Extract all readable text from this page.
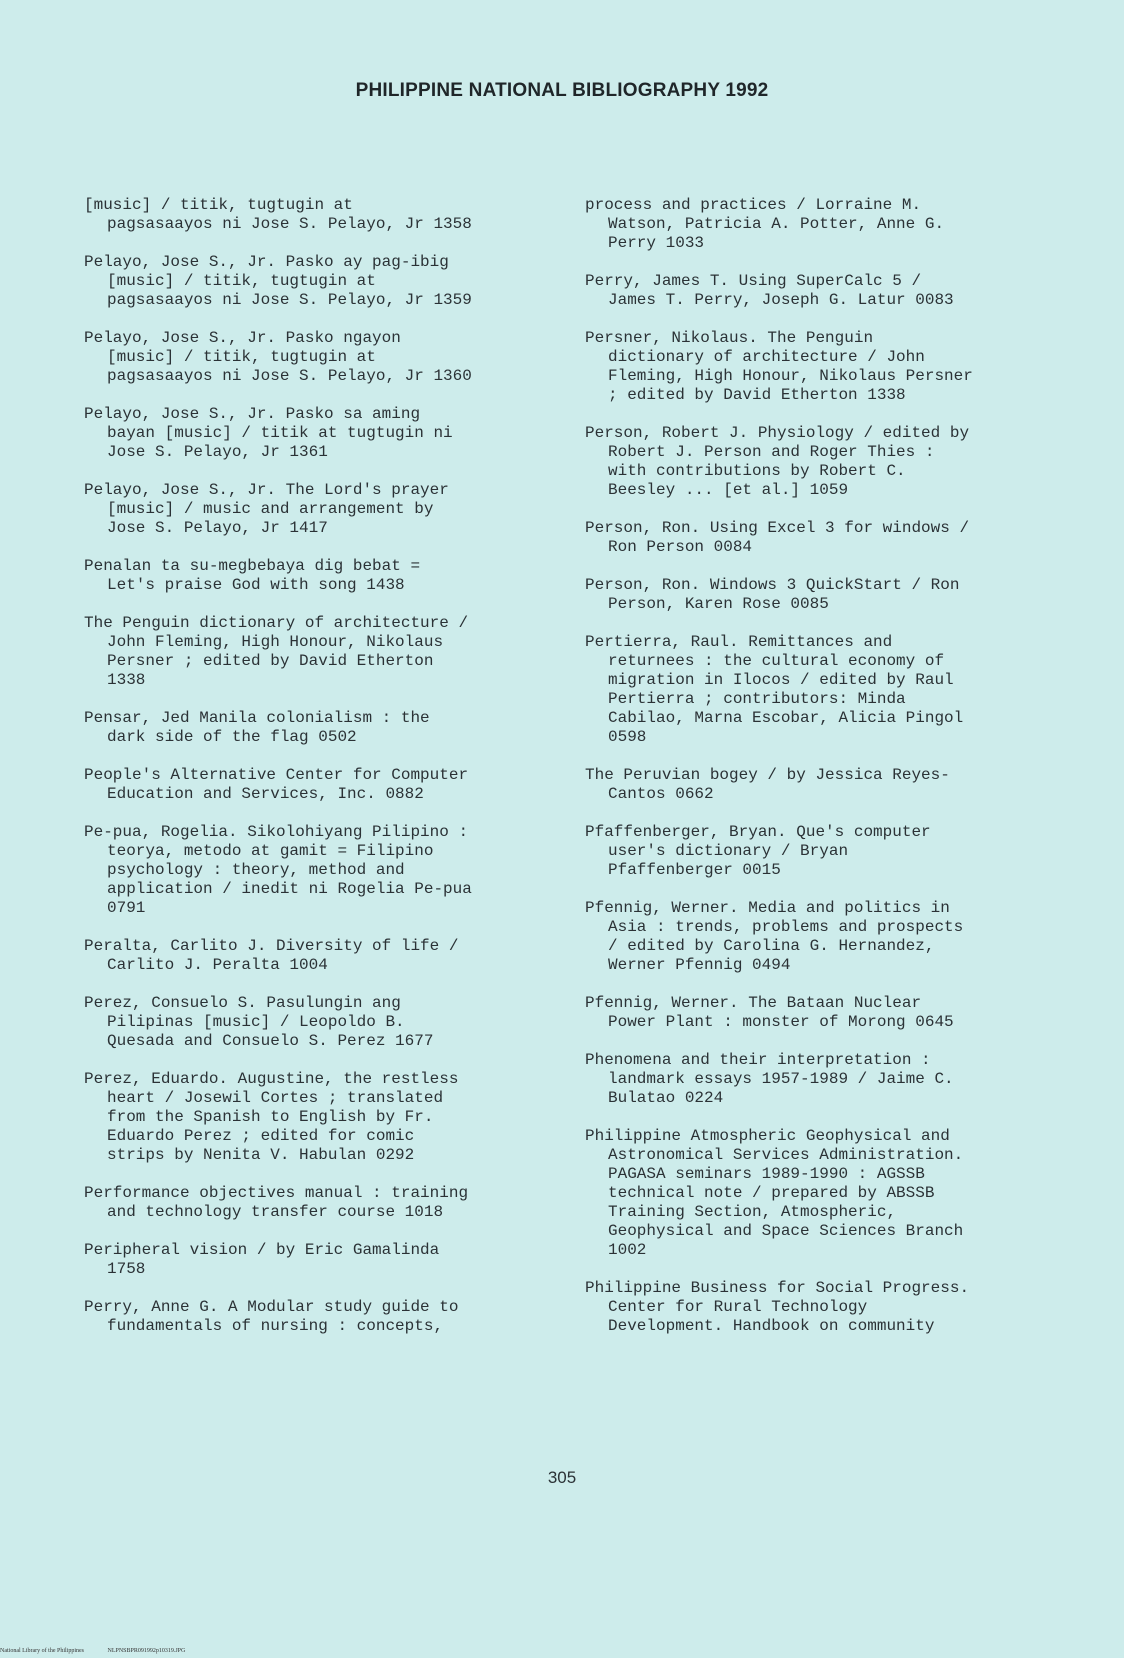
PHILIPPINE NATIONAL BIBLIOGRAPHY 1992
[music] / titik, tugtugin at
pagsasaayos ni Jose S. Pelayo, Jr 1358
Pelayo, Jose S., Jr. Pasko ay pag-ibig
[music] / titik, tugtugin at
pagsasaayos ni Jose S. Pelayo, Jr 1359
Pelayo, Jose S., Jr. Pasko ngayon
[music] / titik, tugtugin at
pagsasaayos ni Jose S. Pelayo, Jr 1360
Pelayo, Jose S., Jr. Pasko sa aming
bayan [music] / titik at tugtugin ni
Jose S. Pelayo, Jr 1361
Pelayo, Jose S., Jr. The Lord's prayer
[music] / music and arrangement by
Jose S. Pelayo, Jr 1417
Penalan ta su-megbebaya dig bebat =
Let's praise God with song 1438
The Penguin dictionary of architecture /
John Fleming, High Honour, Nikolaus
Persner ; edited by David Etherton
1338
Pensar, Jed Manila colonialism : the
dark side of the flag 0502
People's Alternative Center for Computer
Education and Services, Inc. 0882
Pe-pua, Rogelia. Sikolohiyang Pilipino :
teorya, metodo at gamit = Filipino
psychology : theory, method and
application / inedit ni Rogelia Pe-pua
0791
Peralta, Carlito J. Diversity of life /
Carlito J. Peralta 1004
Perez, Consuelo S. Pasulungin ang
Pilipinas [music] / Leopoldo B.
Quesada and Consuelo S. Perez 1677
Perez, Eduardo. Augustine, the restless
heart / Josewil Cortes ; translated
from the Spanish to English by Fr.
Eduardo Perez ; edited for comic
strips by Nenita V. Habulan 0292
Performance objectives manual : training
and technology transfer course 1018
Peripheral vision / by Eric Gamalinda
1758
Perry, Anne G. A Modular study guide to
fundamentals of nursing : concepts,
process and practices / Lorraine M.
Watson, Patricia A. Potter, Anne G.
Perry 1033
Perry, James T. Using SuperCalc 5 /
James T. Perry, Joseph G. Latur 0083
Persner, Nikolaus. The Penguin
dictionary of architecture / John
Fleming, High Honour, Nikolaus Persner
; edited by David Etherton 1338
Person, Robert J. Physiology / edited by
Robert J. Person and Roger Thies :
with contributions by Robert C.
Beesley ... [et al.] 1059
Person, Ron. Using Excel 3 for windows /
Ron Person 0084
Person, Ron. Windows 3 QuickStart / Ron
Person, Karen Rose 0085
Pertierra, Raul. Remittances and
returnees : the cultural economy of
migration in Ilocos / edited by Raul
Pertierra ; contributors: Minda
Cabilao, Marna Escobar, Alicia Pingol
0598
The Peruvian bogey / by Jessica Reyes-
Cantos 0662
Pfaffenberger, Bryan. Que's computer
user's dictionary / Bryan
Pfaffenberger 0015
Pfennig, Werner. Media and politics in
Asia : trends, problems and prospects
/ edited by Carolina G. Hernandez,
Werner Pfennig 0494
Pfennig, Werner. The Bataan Nuclear
Power Plant : monster of Morong 0645
Phenomena and their interpretation :
landmark essays 1957-1989 / Jaime C.
Bulatao 0224
Philippine Atmospheric Geophysical and
Astronomical Services Administration.
PAGASA seminars 1989-1990 : AGSSB
technical note / prepared by ABSSB
Training Section, Atmospheric,
Geophysical and Space Sciences Branch
1002
Philippine Business for Social Progress.
Center for Rural Technology
Development. Handbook on community
305
National Library of the Philippines	NLPNSBPR091992p10319.JPG
